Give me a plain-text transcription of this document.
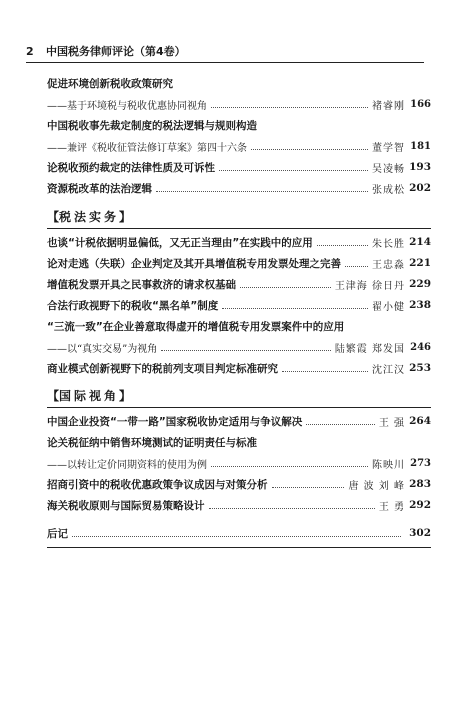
2	中国税务律师评论（第4卷）
促进环境创新税收政策研究
——基于环境税与税收优惠协同视角	褚睿刚 166
中国税收事先裁定制度的税法逻辑与规则构造
——兼评《税收征管法修订草案》第四十六条	董学智 181
论税收预约裁定的法律性质及可诉性	吴凌畅 193
资源税改革的法治逻辑	张成松 202
【 税法实务 】
也谈“计税依据明显偏低，又无正当理由”在实践中的应用	朱长胜 214
论对走逃（失联）企业判定及其开具增值税专用发票处理之完善	王忠淼 221
增值税发票开具之民事救济的请求权基础	王津海 徐日丹 229
合法行政视野下的税收“黑名单”制度	翟小健 238
“三流一致”在企业善意取得虚开的增值税专用发票案件中的应用
——以“真实交易”为视角	陆繁霞 郑发国 246
商业模式创新视野下的税前列支项目判定标准研究	沈江汉 253
【 国际视角 】
中国企业投资“一带一路”国家税收协定适用与争议解决	王 强 264
论关税征纳中销售环境测试的证明责任与标准
——以转让定价同期资料的使用为例	陈映川 273
招商引资中的税收优惠政策争议成因与对策分析	唐 波 刘 峰 283
海关税收原则与国际贸易策略设计	王 勇 292
后记	302
